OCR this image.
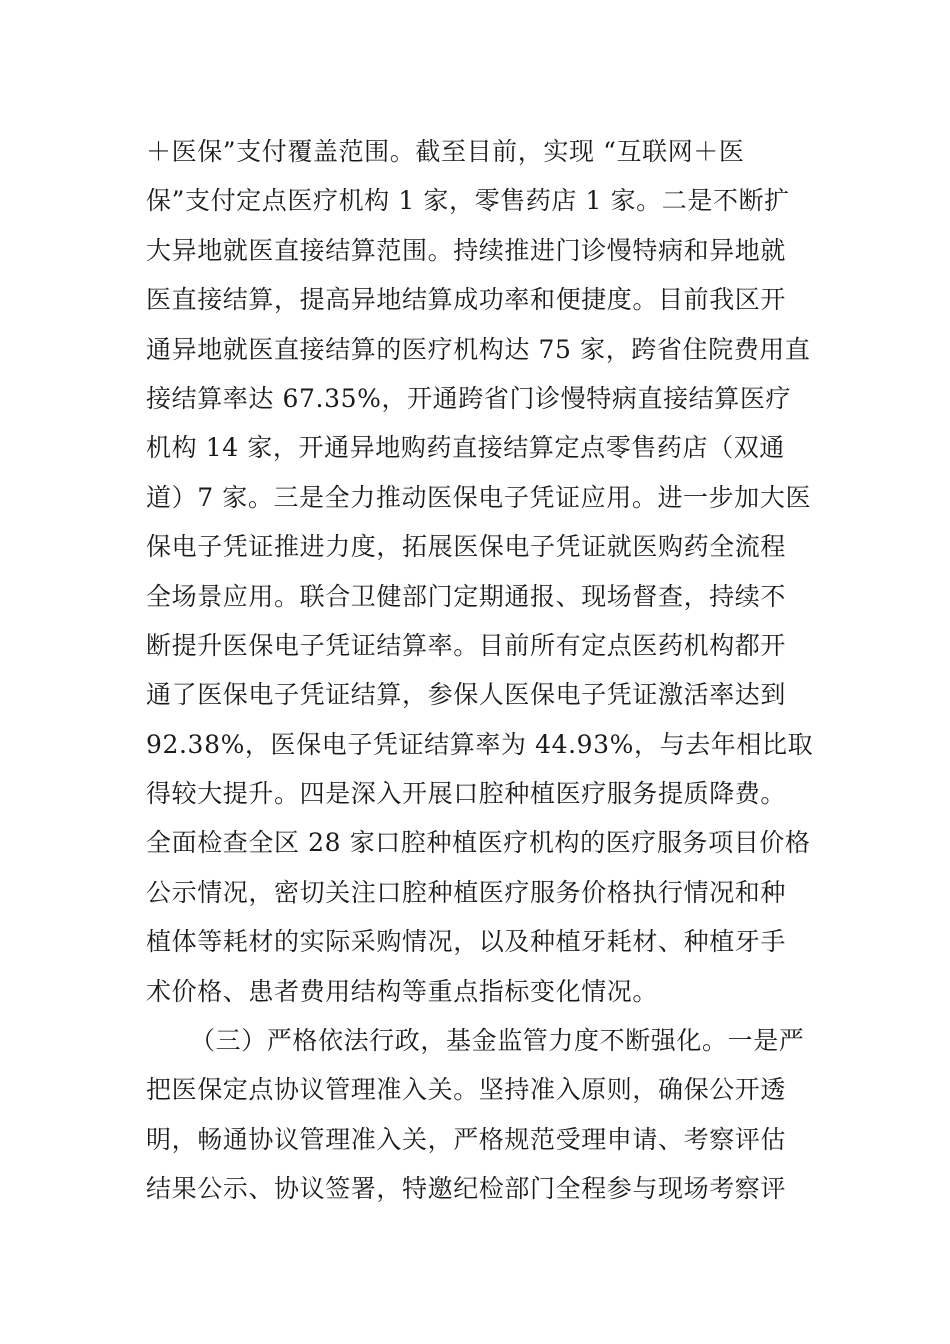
＋医保”支付覆盖范围。截至目前，实现 “互联网＋医
保”支付定点医疗机构 1 家，零售药店 1 家。二是不断扩
大异地就医直接结算范围。持续推进门诊慢特病和异地就
医直接结算，提高异地结算成功率和便捷度。目前我区开
通异地就医直接结算的医疗机构达 75 家，跨省住院费用直
接结算率达 67.35%，开通跨省门诊慢特病直接结算医疗
机构 14 家，开通异地购药直接结算定点零售药店（双通
道）7 家。三是全力推动医保电子凭证应用。进一步加大医
保电子凭证推进力度，拓展医保电子凭证就医购药全流程
全场景应用。联合卫健部门定期通报、现场督查，持续不
断提升医保电子凭证结算率。目前所有定点医药机构都开
通了医保电子凭证结算，参保人医保电子凭证激活率达到
92.38%，医保电子凭证结算率为 44.93%，与去年相比取
得较大提升。四是深入开展口腔种植医疗服务提质降费。
全面检查全区 28 家口腔种植医疗机构的医疗服务项目价格
公示情况，密切关注口腔种植医疗服务价格执行情况和种
植体等耗材的实际采购情况，以及种植牙耗材、种植牙手
术价格、患者费用结构等重点指标变化情况。
（三）严格依法行政，基金监管力度不断强化。一是严
把医保定点协议管理准入关。坚持准入原则，确保公开透
明，畅通协议管理准入关，严格规范受理申请、考察评估
结果公示、协议签署，特邀纪检部门全程参与现场考察评
